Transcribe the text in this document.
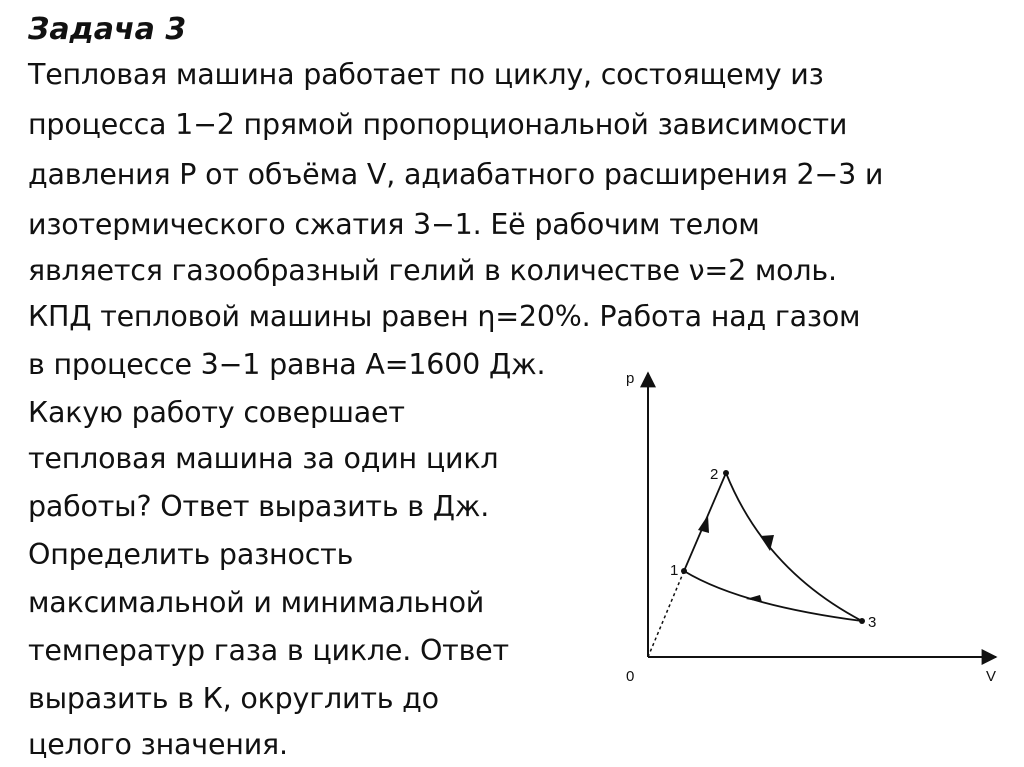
Задача 3
Тепловая машина работает по циклу, состоящему из
процесса 1−2 прямой пропорциональной зависимости
давления Р от объёма V, адиабатного расширения 2−3 и
изотермического сжатия 3−1. Её рабочим телом
является газообразный гелий в количестве ν=2 моль.
КПД тепловой машины равен η=20%. Работа над газом
в процессе 3−1 равна А=1600 Дж.
Какую работу совершает
тепловая машина за один цикл
работы? Ответ выразить в Дж.
Определить разность
максимальной и минимальной
температур газа в цикле. Ответ
выразить в К, округлить до
целого значения.
p
V
0
1
2
3
